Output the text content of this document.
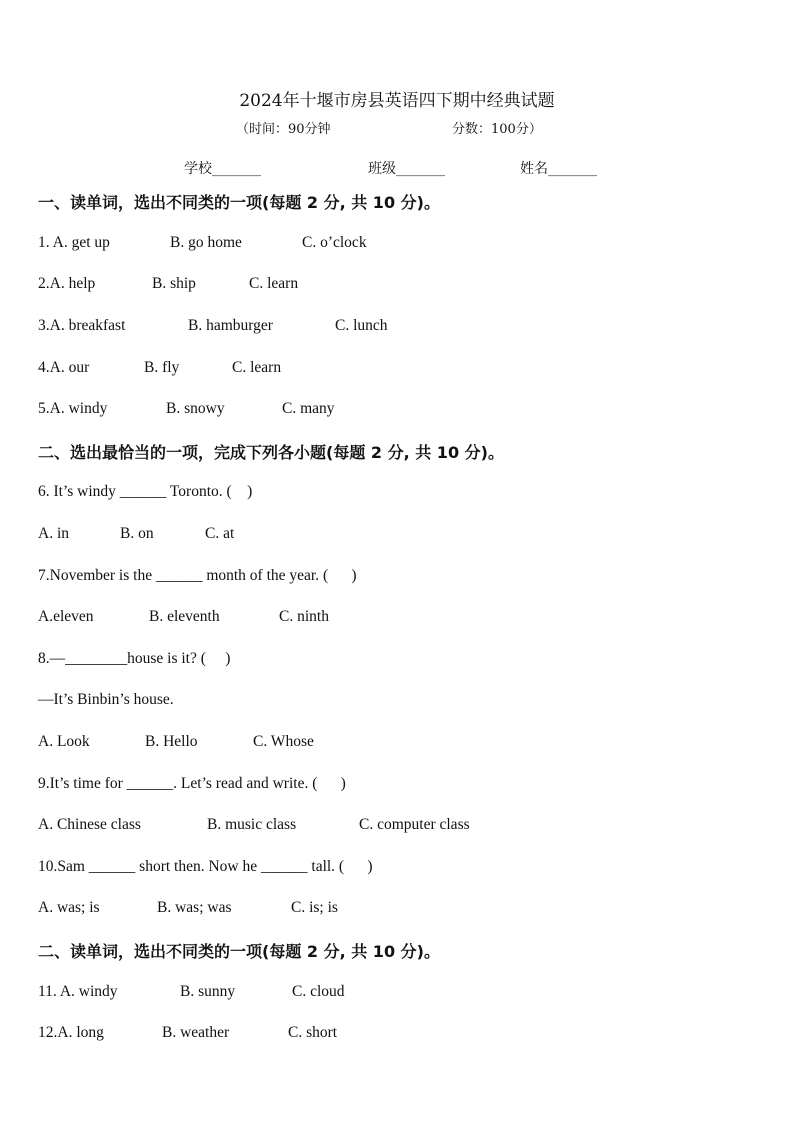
2024年十堰市房县英语四下期中经典试题
（时间：90分钟	分数：100分）
学校_______	班级_______	姓名_______
一、读单词，选出不同类的一项(每题 2 分, 共 10 分)。
1. A. get up	B. go home	C. o’clock
2.A. help	B. ship	C. learn
3.A. breakfast	B. hamburger	C. lunch
4.A. our	B. fly	C. learn
5.A. windy	B. snowy	C. many
二、选出最恰当的一项，完成下列各小题(每题 2 分, 共 10 分)。
6. It’s windy ______ Toronto. (    )
A. in	B. on	C. at
7.November is the ______ month of the year. (      )
A.eleven	B. eleventh	C. ninth
8.—________house is it? (     )
—It’s Binbin’s house.
A. Look	B. Hello	C. Whose
9.It’s time for ______. Let’s read and write. (      )
A. Chinese class	B. music class	C. computer class
10.Sam ______ short then. Now he ______ tall. (      )
A. was; is	B. was; was	C. is; is
二、读单词，选出不同类的一项(每题 2 分, 共 10 分)。
11. A. windy	B. sunny	C. cloud
12.A. long	B. weather	C. short
